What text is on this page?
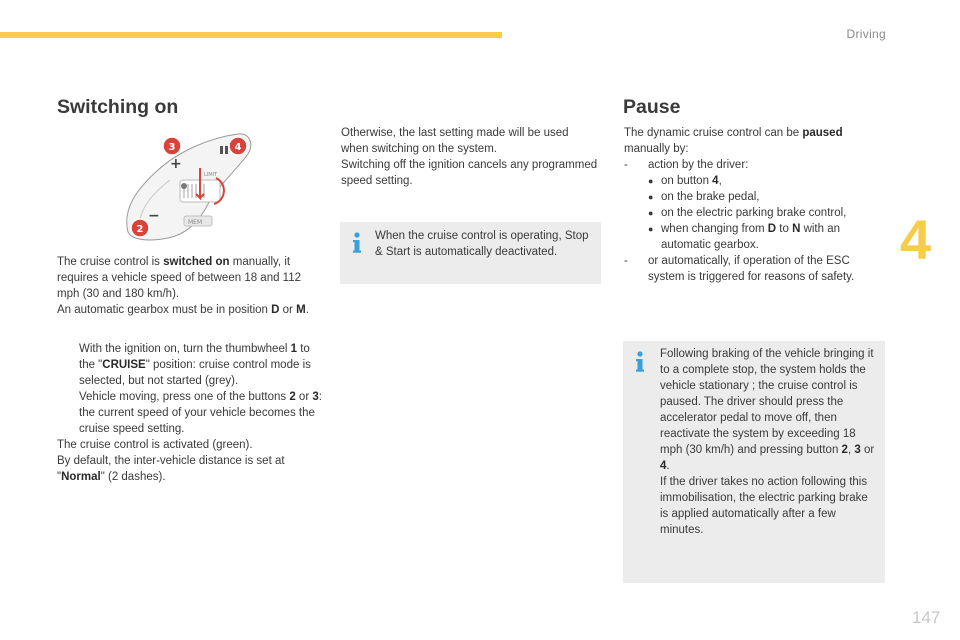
Driving
4
147
Switching on
+
−	MEM
LIMIT
3	4
2

The cruise control is switched on manually, it requires a vehicle speed of between 18 and 112 mph (30 and 180 km/h).

An automatic gearbox must be in position D or M.

With the ignition on, turn the thumbwheel 1 to the "CRUISE" position: cruise control mode is selected, but not started (grey).
Vehicle moving, press one of the buttons 2 or 3: the current speed of your vehicle becomes the cruise speed setting.

The cruise control is activated (green).

By default, the inter-vehicle distance is set at "Normal" (2 dashes).

Otherwise, the last setting made will be used when switching on the system.

Switching off the ignition cancels any programmed speed setting.

When the cruise control is operating, Stop & Start is automatically deactivated.

Pause

The dynamic cruise control can be paused manually by:

- action by the driver:
● on button 4,
● on the brake pedal,
● on the electric parking brake control,
● when changing from D to N with an automatic gearbox.
- or automatically, if operation of the ESC system is triggered for reasons of safety.

Following braking of the vehicle bringing it to a complete stop, the system holds the vehicle stationary ; the cruise control is paused. The driver should press the accelerator pedal to move off, then reactivate the system by exceeding 18 mph (30 km/h) and pressing button 2, 3 or 4.

If the driver takes no action following this immobilisation, the electric parking brake is applied automatically after a few minutes.
